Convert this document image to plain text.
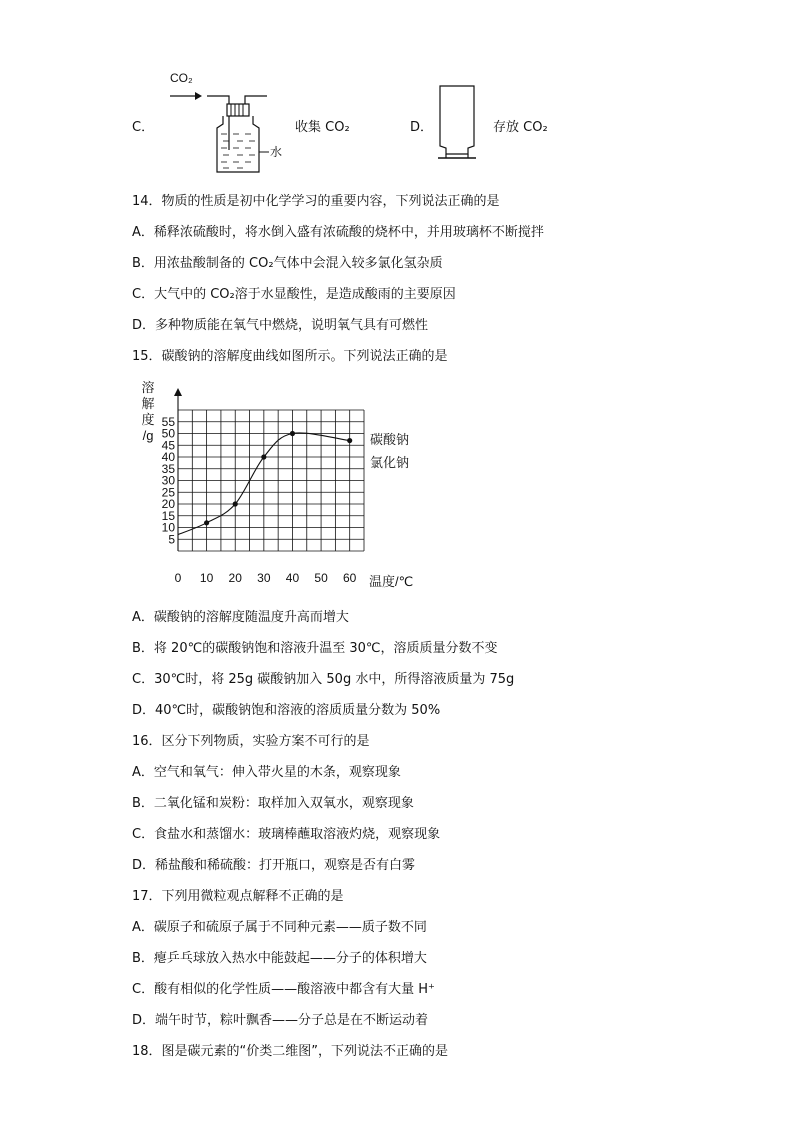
C．
CO₂
水
收集 CO₂	D．	存放 CO₂
14．物质的性质是初中化学学习的重要内容，下列说法正确的是
A．稀释浓硫酸时，将水倒入盛有浓硫酸的烧杯中，并用玻璃杯不断搅拌
B．用浓盐酸制备的 CO₂气体中会混入较多氯化氢杂质
C．大气中的 CO₂溶于水显酸性，是造成酸雨的主要原因
D．多种物质能在氧气中燃烧，说明氧气具有可燃性
15．碳酸钠的溶解度曲线如图所示。下列说法正确的是
5
10
15
20
25
30
35
40
45
50
55
0 10 20 30 40 50 60
溶
解
度
/g	碳酸钠
氯化钠
温度/℃
A．碳酸钠的溶解度随温度升高而增大
B．将 20℃的碳酸钠饱和溶液升温至 30℃，溶质质量分数不变
C．30℃时，将 25g 碳酸钠加入 50g 水中，所得溶液质量为 75g
D．40℃时，碳酸钠饱和溶液的溶质质量分数为 50%
16．区分下列物质，实验方案不可行的是
A．空气和氧气：伸入带火星的木条，观察现象
B．二氧化锰和炭粉：取样加入双氧水，观察现象
C．食盐水和蒸馏水：玻璃棒蘸取溶液灼烧，观察现象
D．稀盐酸和稀硫酸：打开瓶口，观察是否有白雾
17．下列用微粒观点解释不正确的是
A．碳原子和硫原子属于不同种元素——质子数不同
B．瘪乒乓球放入热水中能鼓起——分子的体积增大
C．酸有相似的化学性质——酸溶液中都含有大量 H⁺
D．端午时节，粽叶飘香——分子总是在不断运动着
18．图是碳元素的“价类二维图”，下列说法不正确的是
